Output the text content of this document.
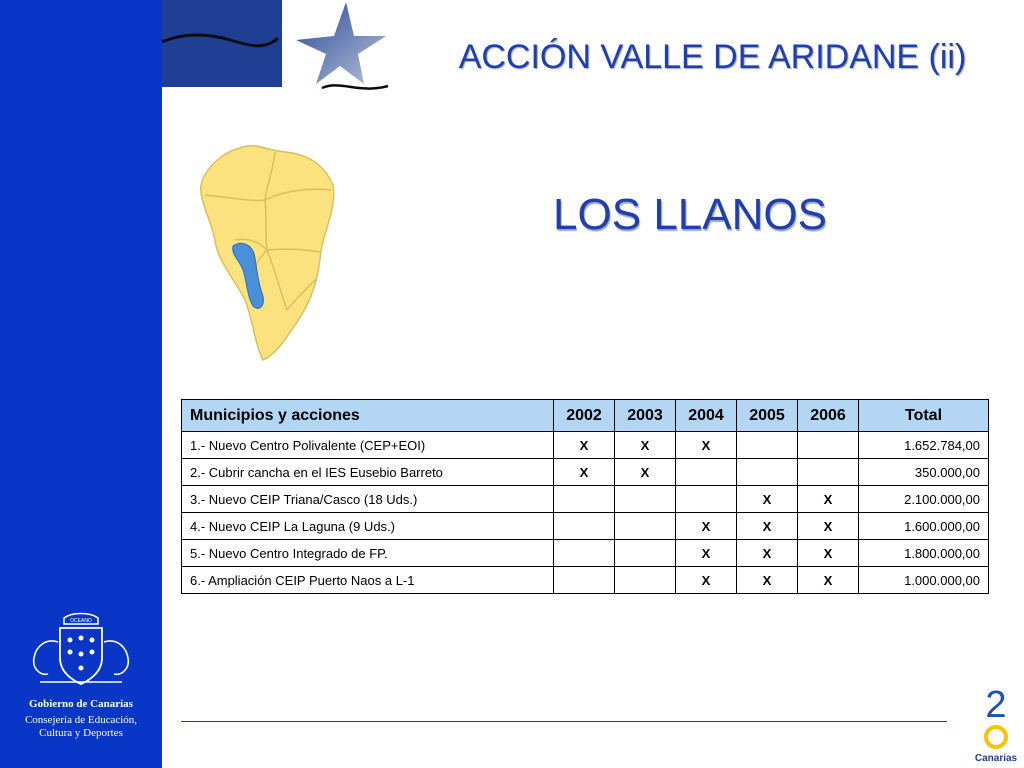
ACCIÓN VALLE DE ARIDANE (ii)
LOS LLANOS
Municipios y acciones	2002	2003	2004	2005	2006	Total
1.- Nuevo Centro Polivalente (CEP+EOI)	X	X	X			1.652.784,00
2.- Cubrir cancha en el IES Eusebio Barreto	X	X				350.000,00
3.- Nuevo CEIP Triana/Casco (18 Uds.)				X	X	2.100.000,00
4.- Nuevo CEIP La Laguna (9 Uds.)			X	X	X	1.600.000,00
5.- Nuevo Centro Integrado de FP.			X	X	X	1.800.000,00
6.- Ampliación CEIP Puerto Naos a L-1			X	X	X	1.000.000,00
OCEANO
Gobierno de Canarias
Consejería de Educación,
Cultura y Deportes
2
Canarias
